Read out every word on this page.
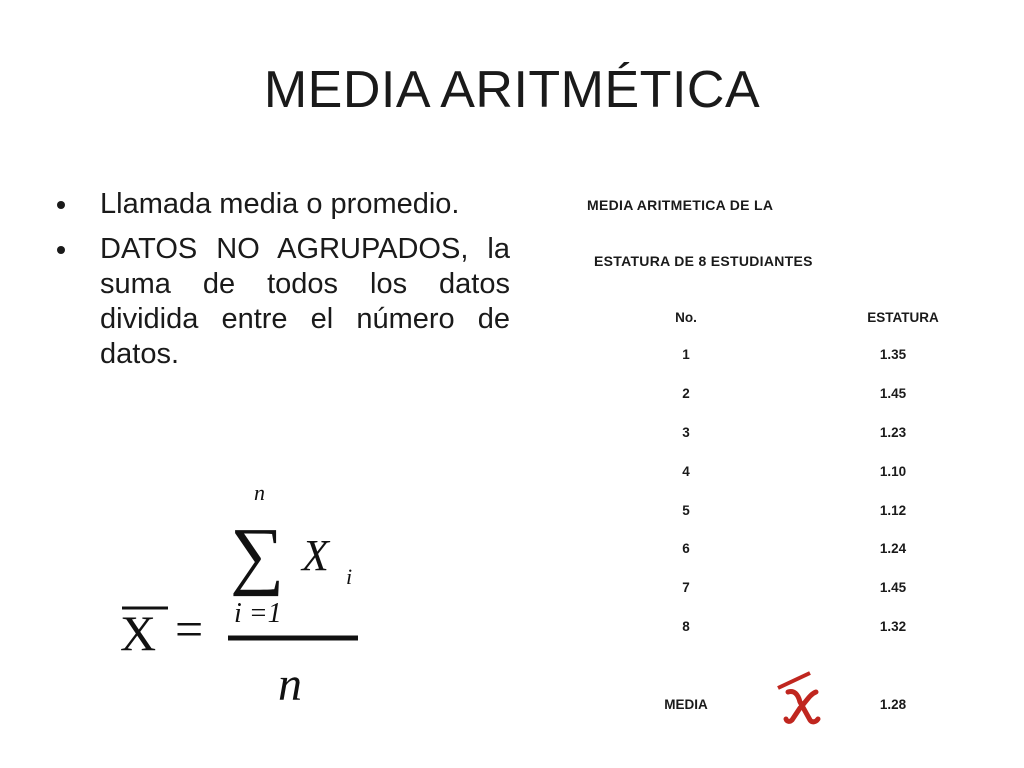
MEDIA ARITMÉTICA
Llamada media o promedio.
DATOS NO AGRUPADOS, la suma de todos los datos dividida entre el número de datos.
X =
n
∑ X i
i =1
n
MEDIA ARITMETICA DE LA
ESTATURA DE 8 ESTUDIANTES
No.	ESTATURA
1	1.35
2	1.45
3	1.23
4	1.10
5	1.12
6	1.24
7	1.45
8	1.32
MEDIA	1.28
